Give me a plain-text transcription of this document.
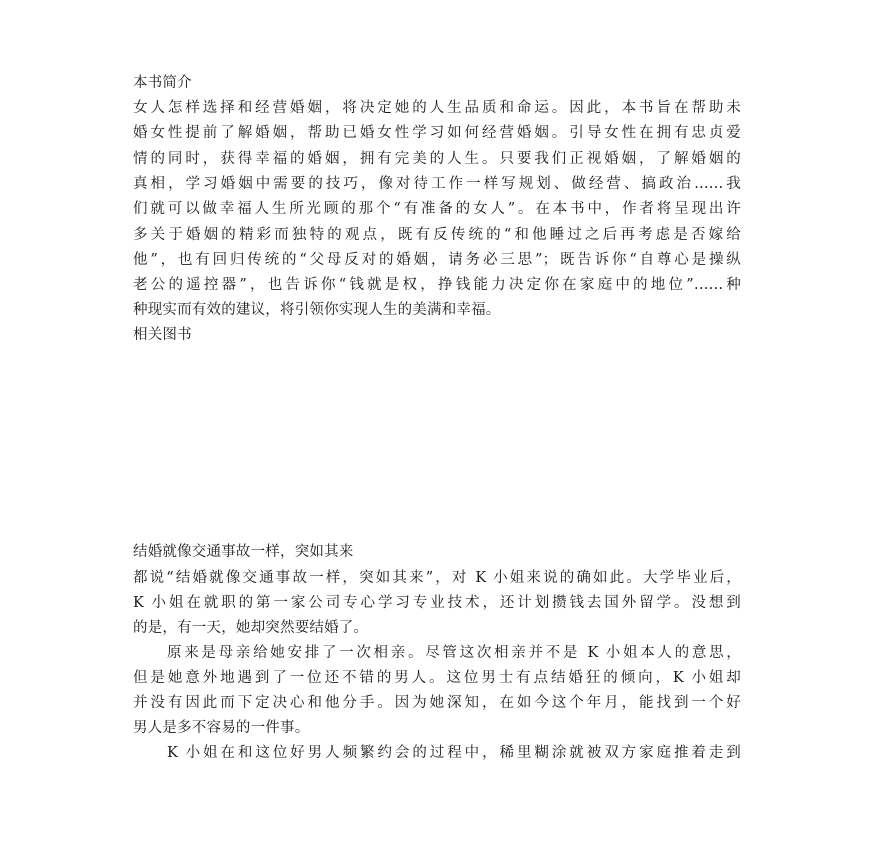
本书简介
女人怎样选择和经营婚姻，将决定她的人生品质和命运。因此，本书旨在帮助未
婚女性提前了解婚姻，帮助已婚女性学习如何经营婚姻。引导女性在拥有忠贞爱
情的同时，获得幸福的婚姻，拥有完美的人生。只要我们正视婚姻，了解婚姻的
真相，学习婚姻中需要的技巧，像对待工作一样写规划、做经营、搞政治……我
们就可以做幸福人生所光顾的那个“有准备的女人”。在本书中，作者将呈现出许
多关于婚姻的精彩而独特的观点，既有反传统的“和他睡过之后再考虑是否嫁给
他”，也有回归传统的“父母反对的婚姻，请务必三思”；既告诉你“自尊心是操纵
老公的遥控器”，也告诉你“钱就是权，挣钱能力决定你在家庭中的地位”……种
种现实而有效的建议，将引领你实现人生的美满和幸福。
相关图书
结婚就像交通事故一样，突如其来
都说“结婚就像交通事故一样，突如其来”，对 K 小姐来说的确如此。大学毕业后，
K 小姐在就职的第一家公司专心学习专业技术，还计划攒钱去国外留学。没想到
的是，有一天，她却突然要结婚了。
原来是母亲给她安排了一次相亲。尽管这次相亲并不是 K 小姐本人的意思，
但是她意外地遇到了一位还不错的男人。这位男士有点结婚狂的倾向，K 小姐却
并没有因此而下定决心和他分手。因为她深知，在如今这个年月，能找到一个好
男人是多不容易的一件事。
K 小姐在和这位好男人频繁约会的过程中，稀里糊涂就被双方家庭推着走到
